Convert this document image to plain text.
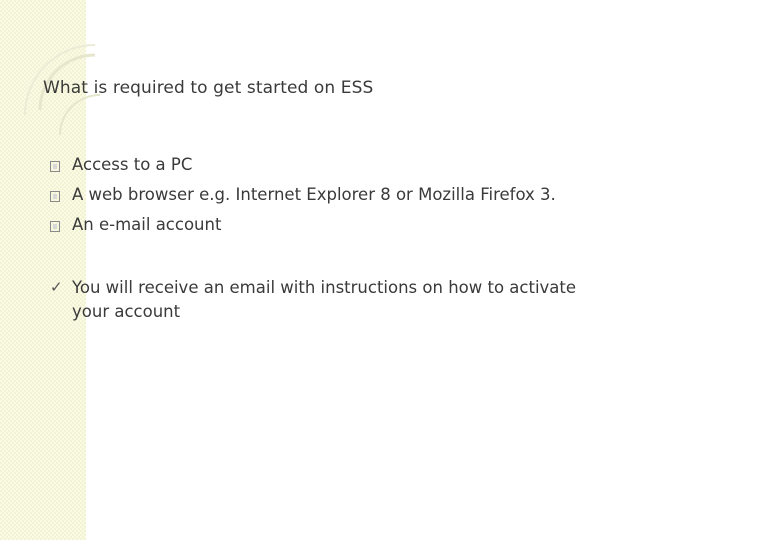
What is required to get started on ESS
Access to a PC
A web browser e.g. Internet Explorer 8 or Mozilla Firefox 3.
An e-mail account
✓ You will receive an email with instructions on how to activate your account
